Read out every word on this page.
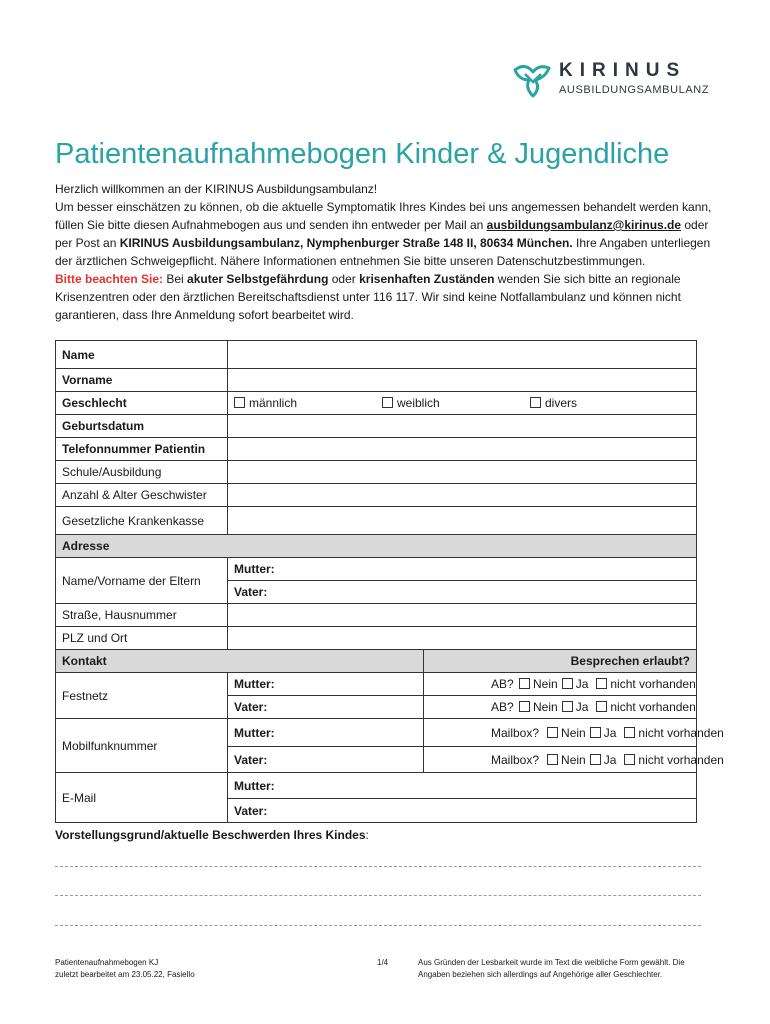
KIRINUS
AUSBILDUNGSAMBULANZ
Patientenaufnahmebogen Kinder & Jugendliche

Herzlich willkommen an der KIRINUS Ausbildungsambulanz!

Um besser einschätzen zu können, ob die aktuelle Symptomatik Ihres Kindes bei uns angemessen behandelt werden kann, füllen Sie bitte diesen Aufnahmebogen aus und senden ihn entweder per Mail an ausbildungsambulanz@kirinus.de oder per Post an KIRINUS Ausbildungsambulanz, Nymphenburger Straße 148 II, 80634 München. Ihre Angaben unterliegen der ärztlichen Schweigepflicht. Nähere Informationen entnehmen Sie bitte unseren Datenschutzbestimmungen.

Bitte beachten Sie: Bei akuter Selbstgefährdung oder krisenhaften Zuständen wenden Sie sich bitte an regionale Krisenzentren oder den ärztlichen Bereitschaftsdienst unter 116 117. Wir sind keine Notfallambulanz und können nicht garantieren, dass Ihre Anmeldung sofort bearbeitet wird.

Name		
Vorname		
Geschlecht	männlich weiblich divers	
Geburtsdatum		
Telefonnummer Patientin		
Schule/Ausbildung		
Anzahl & Alter Geschwister		
Gesetzliche Krankenkasse		
Adresse		
Name/Vorname der Eltern	Mutter:	
	Vater:	
Straße, Hausnummer		
PLZ und Ort		
Kontakt		Besprechen erlaubt?
Festnetz	Mutter:	AB? Nein Ja nicht vorhanden
	Vater:	AB? Nein Ja nicht vorhanden
Mobilfunknummer	Mutter:	Mailbox? Nein Ja nicht vorhanden
	Vater:	Mailbox? Nein Ja nicht vorhanden
E-Mail	Mutter:	
	Vater:	
Vorstellungsgrund/aktuelle Beschwerden Ihres Kindes:
Patientenaufnahmebogen KJ
zuletzt bearbeitet am 23.05.22, Fasiello
1/4	Aus Gründen der Lesbarkeit wurde im Text die weibliche Form gewählt. Die Angaben beziehen sich allerdings auf Angehörige aller Geschlechter.
